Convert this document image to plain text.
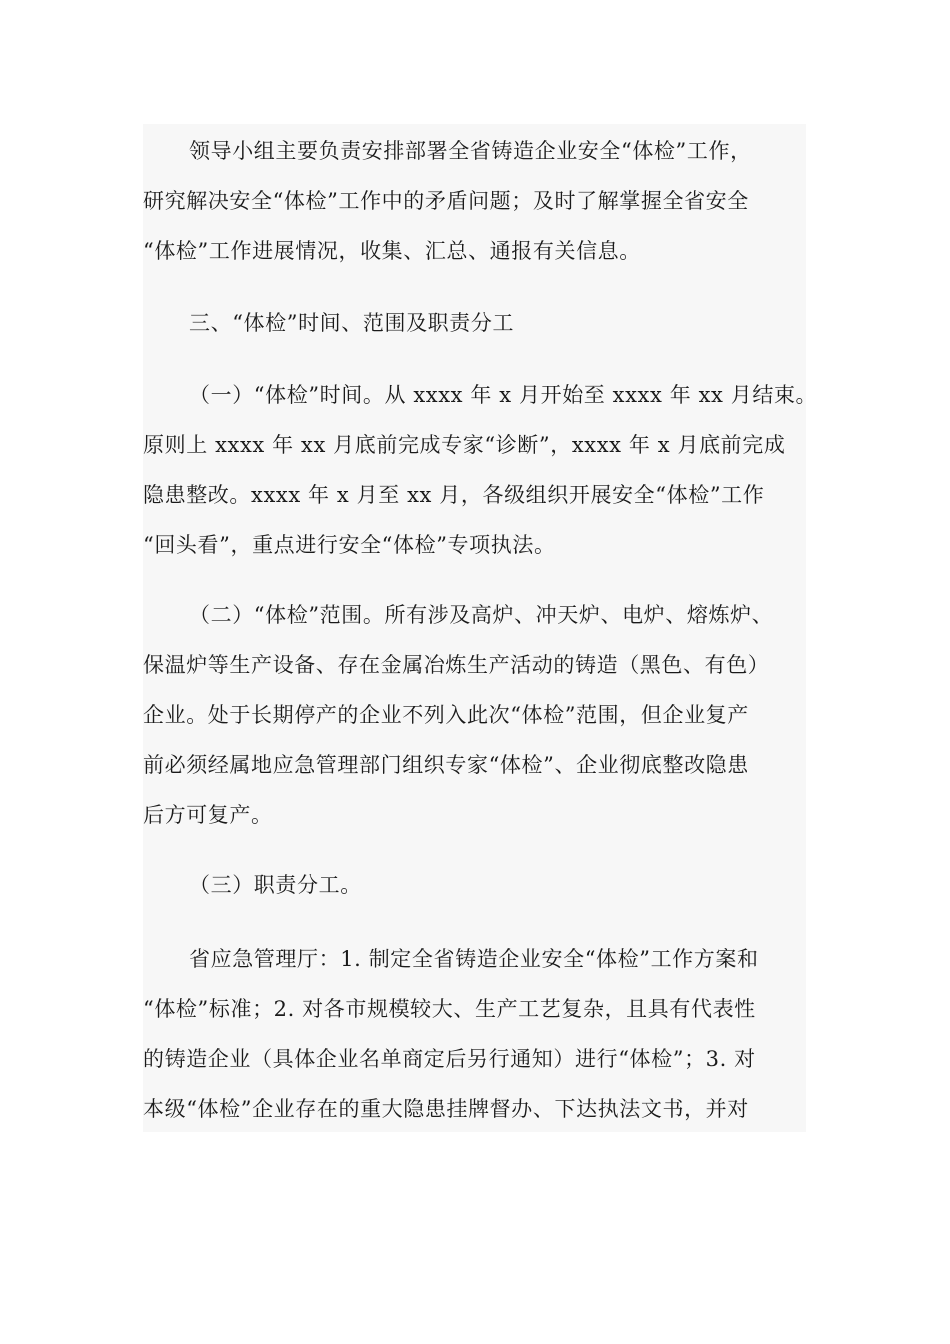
领导小组主要负责安排部署全省铸造企业安全“体检”工作，
研究解决安全“体检”工作中的矛盾问题；及时了解掌握全省安全
“体检”工作进展情况，收集、汇总、通报有关信息。
三、“体检”时间、范围及职责分工
（一）“体检”时间。从 xxxx 年 x 月开始至 xxxx 年 xx 月结束。
原则上 xxxx 年 xx 月底前完成专家“诊断”，xxxx 年 x 月底前完成
隐患整改。xxxx 年 x 月至 xx 月，各级组织开展安全“体检”工作
“回头看”，重点进行安全“体检”专项执法。
（二）“体检”范围。所有涉及高炉、冲天炉、电炉、熔炼炉、
保温炉等生产设备、存在金属冶炼生产活动的铸造（黑色、有色）
企业。处于长期停产的企业不列入此次“体检”范围，但企业复产
前必须经属地应急管理部门组织专家“体检”、企业彻底整改隐患
后方可复产。
（三）职责分工。
省应急管理厅：1. 制定全省铸造企业安全“体检”工作方案和
“体检”标准；2. 对各市规模较大、生产工艺复杂，且具有代表性
的铸造企业（具体企业名单商定后另行通知）进行“体检”；3. 对
本级“体检”企业存在的重大隐患挂牌督办、下达执法文书，并对
